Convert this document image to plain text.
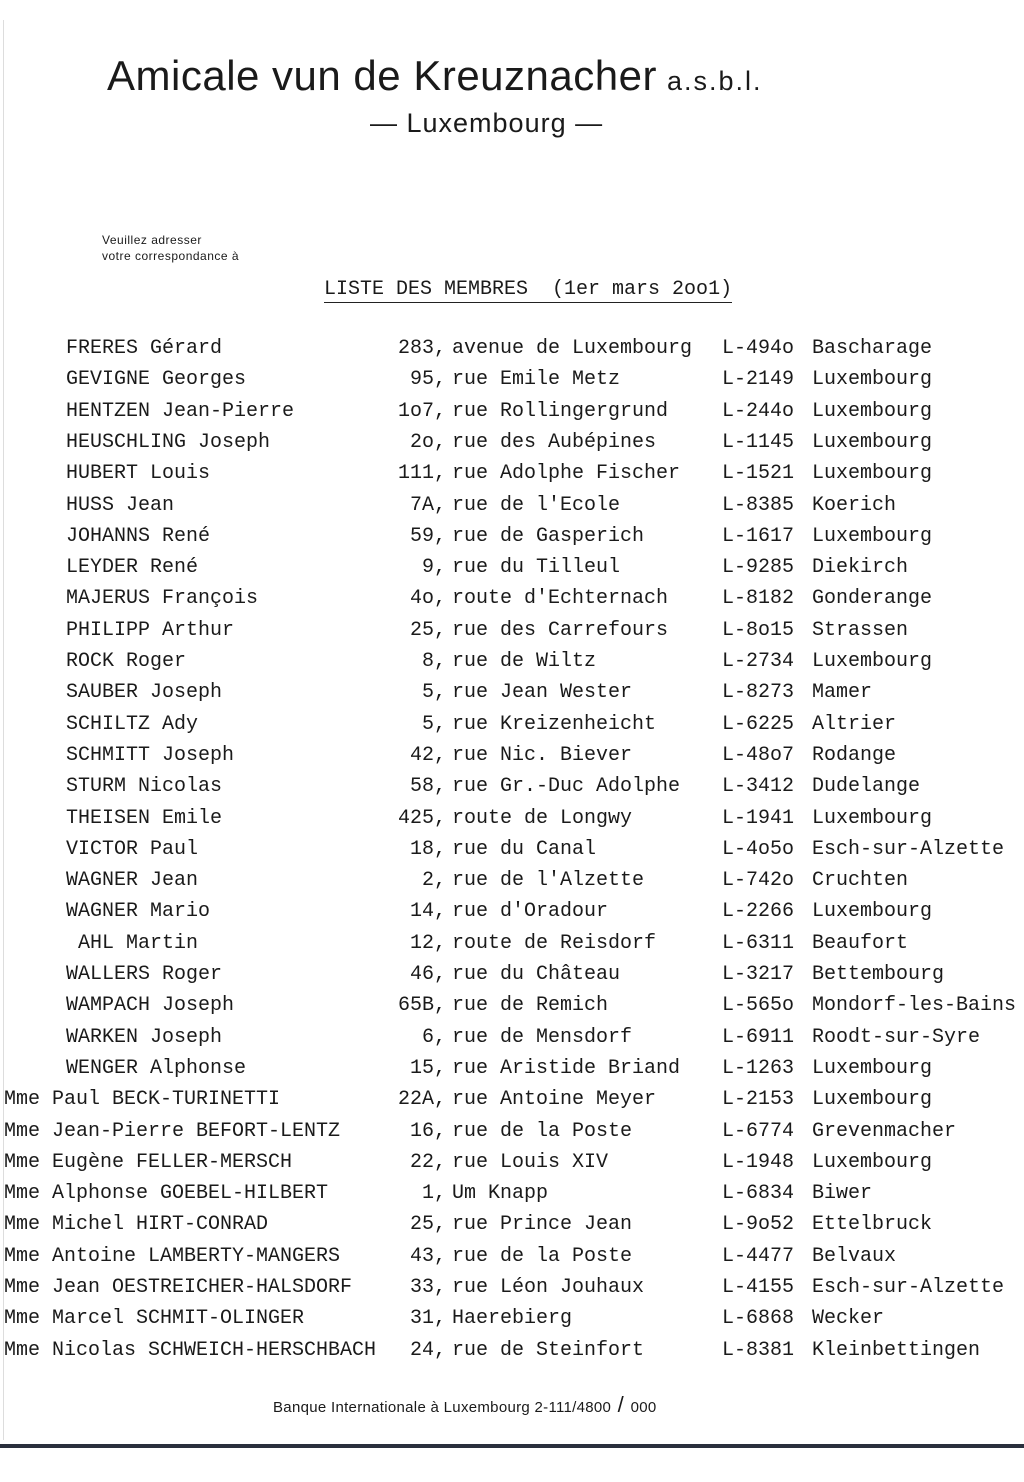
Amicale vun de Kreuznacher a.s.b.l.
— Luxembourg —
Veuillez adresser
votre correspondance à
LISTE DES MEMBRES  (1er mars 2oo1)
FRERES Gérard	283, avenue de Luxembourg L-494o Bascharage
GEVIGNE Georges	95, rue Emile Metz	L-2149 Luxembourg
HENTZEN Jean-Pierre	1o7, rue Rollingergrund	L-244o Luxembourg
HEUSCHLING Joseph	2o, rue des Aubépines	L-1145 Luxembourg
HUBERT Louis	111, rue Adolphe Fischer L-1521 Luxembourg
HUSS Jean	7A, rue de l'Ecole	L-8385 Koerich
JOHANNS René	59, rue de Gasperich	L-1617 Luxembourg
LEYDER René	9, rue du Tilleul	L-9285 Diekirch
MAJERUS François	4o, route d'Echternach	L-8182 Gonderange
PHILIPP Arthur	25, rue des Carrefours	L-8o15 Strassen
ROCK Roger	8, rue de Wiltz	L-2734 Luxembourg
SAUBER Joseph	5, rue Jean Wester	L-8273 Mamer
SCHILTZ Ady	5, rue Kreizenheicht	L-6225 Altrier
SCHMITT Joseph	42, rue Nic. Biever	L-48o7 Rodange
STURM Nicolas	58, rue Gr.-Duc Adolphe L-3412 Dudelange
THEISEN Emile	425, route de Longwy	L-1941 Luxembourg
VICTOR Paul	18, rue du Canal	L-4o5o Esch-sur-Alzette
WAGNER Jean	2, rue de l'Alzette	L-742o Cruchten
WAGNER Mario	14, rue d'Oradour	L-2266 Luxembourg
AHL Martin	12, route de Reisdorf	L-6311 Beaufort
WALLERS Roger	46, rue du Château	L-3217 Bettembourg
WAMPACH Joseph	65B, rue de Remich	L-565o Mondorf-les-Bains
WARKEN Joseph	6, rue de Mensdorf	L-6911 Roodt-sur-Syre
WENGER Alphonse	15, rue Aristide Briand L-1263 Luxembourg
Mme Paul BECK-TURINETTI	22A, rue Antoine Meyer	L-2153 Luxembourg
Mme Jean-Pierre BEFORT-LENTZ	16, rue de la Poste	L-6774 Grevenmacher
Mme Eugène FELLER-MERSCH	22, rue Louis XIV	L-1948 Luxembourg
Mme Alphonse GOEBEL-HILBERT	1, Um Knapp	L-6834 Biwer
Mme Michel HIRT-CONRAD	25, rue Prince Jean	L-9o52 Ettelbruck
Mme Antoine LAMBERTY-MANGERS	43, rue de la Poste	L-4477 Belvaux
Mme Jean OESTREICHER-HALSDORF	33, rue Léon Jouhaux	L-4155 Esch-sur-Alzette
Mme Marcel SCHMIT-OLINGER	31, Haerebierg	L-6868 Wecker
Mme Nicolas SCHWEICH-HERSCHBACH 24, rue de Steinfort	L-8381 Kleinbettingen
Banque Internationale à Luxembourg 2-111/4800 / 000
